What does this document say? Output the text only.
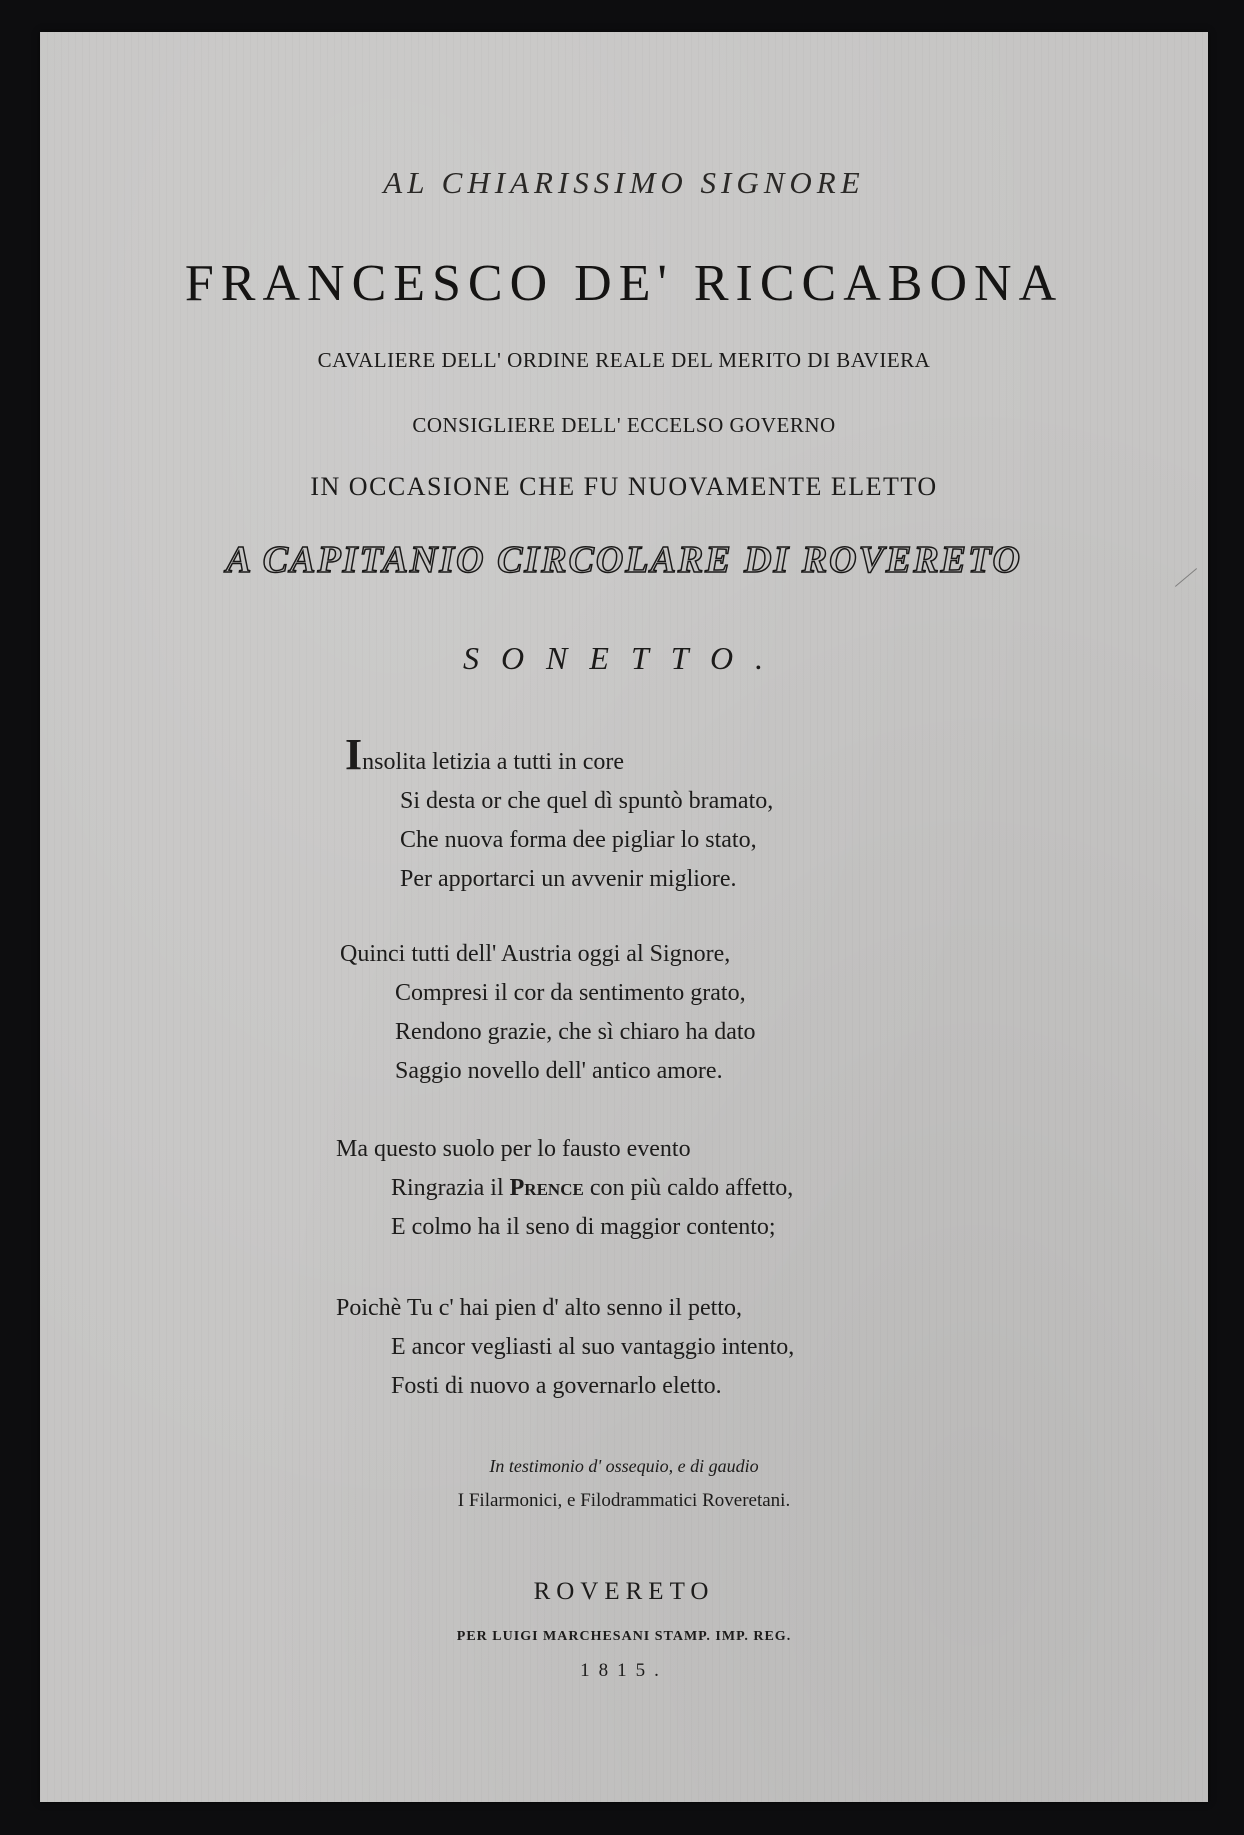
AL CHIARISSIMO SIGNORE
FRANCESCO DE' RICCABONA
CAVALIERE DELL' ORDINE REALE DEL MERITO DI BAVIERA
CONSIGLIERE DELL' ECCELSO GOVERNO
IN OCCASIONE CHE FU NUOVAMENTE ELETTO
A CAPITANIO CIRCOLARE DI ROVERETO
SONETTO.
Insolita letizia a tutti in core
Si desta or che quel dì spuntò bramato,
Che nuova forma dee pigliar lo stato,
Per apportarci un avvenir migliore.
Quinci tutti dell' Austria oggi al Signore,
Compresi il cor da sentimento grato,
Rendono grazie, che sì chiaro ha dato
Saggio novello dell' antico amore.
Ma questo suolo per lo fausto evento
Ringrazia il Prence con più caldo affetto,
E colmo ha il seno di maggior contento;
Poichè Tu c' hai pien d' alto senno il petto,
E ancor vegliasti al suo vantaggio intento,
Fosti di nuovo a governarlo eletto.
In testimonio d' ossequio, e di gaudio
I Filarmonici, e Filodrammatici Roveretani.
ROVERETO
PER LUIGI MARCHESANI STAMP. IMP. REG.
1815.
